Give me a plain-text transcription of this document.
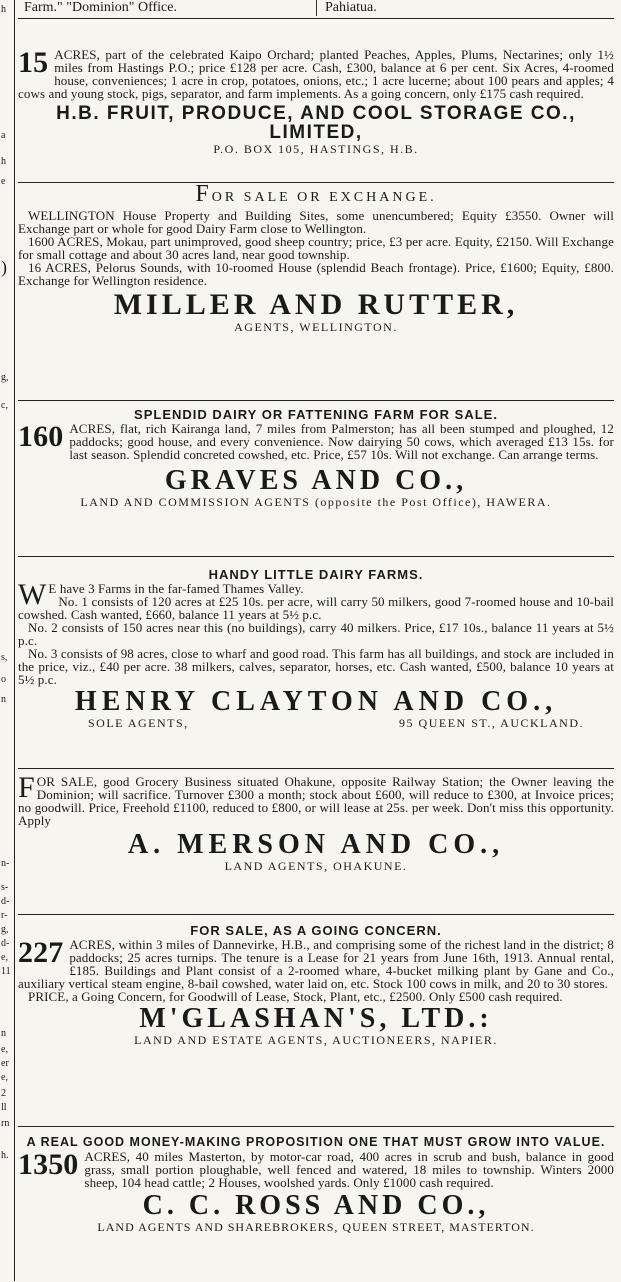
h
a
h
e
)
g,
c,
s,
o
n
n-
s-
d-
r-
g,
d-
e,
11
n
e,
er
e,
2
ll
rn
h.
Farm." "Dominion" Office.	Pahiatua.

15 ACRES, part of the celebrated Kaipo Orchard; planted Peaches, Apples, Plums, Nectarines; only 1½ miles from Hastings P.O.; price £128 per acre. Cash, £300, balance at 6 per cent. Six Acres, 4-roomed house, conveniences; 1 acre in crop, potatoes, onions, etc.; 1 acre lucerne; about 100 pears and apples; 4 cows and young stock, pigs, separator, and farm implements. As a going concern, only £175 cash required.

H.B. FRUIT, PRODUCE, AND COOL STORAGE CO., LIMITED,
P.O. BOX 105, HASTINGS, H.B.
FOR SALE OR EXCHANGE.

WELLINGTON House Property and Building Sites, some unencumbered; Equity £3550. Owner will Exchange part or whole for good Dairy Farm close to Wellington.

1600 ACRES, Mokau, part unimproved, good sheep country; price, £3 per acre. Equity, £2150. Will Exchange for small cottage and about 30 acres land, near good township.

16 ACRES, Pelorus Sounds, with 10-roomed House (splendid Beach frontage). Price, £1600; Equity, £800. Exchange for Wellington residence.

MILLER AND RUTTER,
AGENTS, WELLINGTON.
SPLENDID DAIRY OR FATTENING FARM FOR SALE.

160 ACRES, flat, rich Kairanga land, 7 miles from Palmerston; has all been stumped and ploughed, 12 paddocks; good house, and every convenience. Now dairying 50 cows, which averaged £13 15s. for last season. Splendid concreted cowshed, etc. Price, £57 10s. Will not exchange. Can arrange terms.

GRAVES AND CO.,
LAND AND COMMISSION AGENTS (opposite the Post Office), HAWERA.
HANDY LITTLE DAIRY FARMS.

W E have 3 Farms in the far-famed Thames Valley.

No. 1 consists of 120 acres at £25 10s. per acre, will carry 50 milkers, good 7-roomed house and 10-bail cowshed. Cash wanted, £660, balance 11 years at 5½ p.c.

No. 2 consists of 150 acres near this (no buildings), carry 40 milkers. Price, £17 10s., balance 11 years at 5½ p.c.

No. 3 consists of 98 acres, close to wharf and good road. This farm has all buildings, and stock are included in the price, viz., £40 per acre. 38 milkers, calves, separator, horses, etc. Cash wanted, £500, balance 10 years at 5½ p.c.

HENRY CLAYTON AND CO.,
SOLE AGENTS,	95 QUEEN ST., AUCKLAND.

F OR SALE, good Grocery Business situated Ohakune, opposite Railway Station; the Owner leaving the Dominion; will sacrifice. Turnover £300 a month; stock about £600, will reduce to £300, at Invoice prices; no goodwill. Price, Freehold £1100, reduced to £800, or will lease at 25s. per week. Don't miss this opportunity. Apply

A. MERSON AND CO.,
LAND AGENTS, OHAKUNE.
FOR SALE, AS A GOING CONCERN.

227 ACRES, within 3 miles of Dannevirke, H.B., and comprising some of the richest land in the district; 8 paddocks; 25 acres turnips. The tenure is a Lease for 21 years from June 16th, 1913. Annual rental, £185. Buildings and Plant consist of a 2-roomed whare, 4-bucket milking plant by Gane and Co., auxiliary vertical steam engine, 8-bail cowshed, water laid on, etc. Stock 100 cows in milk, and 20 to 30 stores.

PRICE, a Going Concern, for Goodwill of Lease, Stock, Plant, etc., £2500. Only £500 cash required.

M'GLASHAN'S, LTD.:
LAND AND ESTATE AGENTS, AUCTIONEERS, NAPIER.
A REAL GOOD MONEY-MAKING PROPOSITION ONE THAT MUST GROW INTO VALUE.

1350 ACRES, 40 miles Masterton, by motor-car road, 400 acres in scrub and bush, balance in good grass, small portion ploughable, well fenced and watered, 18 miles to township. Winters 2000 sheep, 104 head cattle; 2 Houses, woolshed yards. Only £1000 cash required.

C. C. ROSS AND CO.,
LAND AGENTS AND SHAREBROKERS, QUEEN STREET, MASTERTON.
